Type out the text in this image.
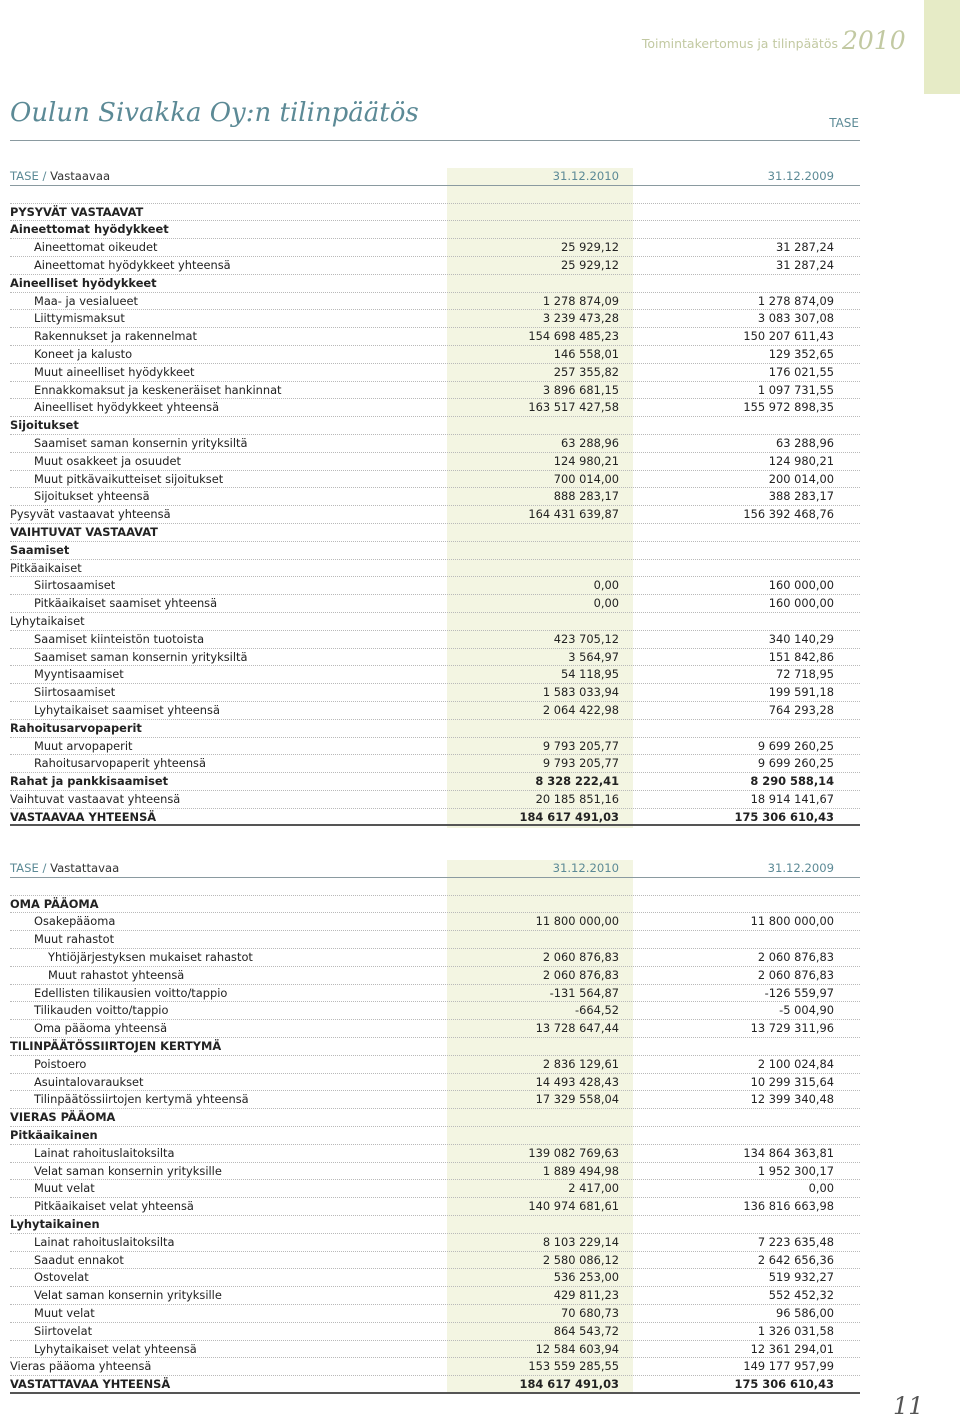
Toimintakertomus ja tilinpäätös 2010
Oulun Sivakka Oy:n tilinpäätös	TASE
TASE / Vastaavaa	31.12.2010	31.12.2009
PYSYVÄT VASTAAVAT
Aineettomat hyödykkeet
Aineettomat oikeudet	25 929,12	31 287,24
Aineettomat hyödykkeet yhteensä	25 929,12	31 287,24
Aineelliset hyödykkeet
Maa- ja vesialueet	1 278 874,09	1 278 874,09
Liittymismaksut	3 239 473,28	3 083 307,08
Rakennukset ja rakennelmat	154 698 485,23	150 207 611,43
Koneet ja kalusto	146 558,01	129 352,65
Muut aineelliset hyödykkeet	257 355,82	176 021,55
Ennakkomaksut ja keskeneräiset hankinnat	3 896 681,15	1 097 731,55
Aineelliset hyödykkeet yhteensä	163 517 427,58	155 972 898,35
Sijoitukset
Saamiset saman konsernin yrityksiltä	63 288,96	63 288,96
Muut osakkeet ja osuudet	124 980,21	124 980,21
Muut pitkävaikutteiset sijoitukset	700 014,00	200 014,00
Sijoitukset yhteensä	888 283,17	388 283,17
Pysyvät vastaavat yhteensä	164 431 639,87	156 392 468,76
VAIHTUVAT VASTAAVAT
Saamiset
Pitkäaikaiset
Siirtosaamiset	0,00	160 000,00
Pitkäaikaiset saamiset yhteensä	0,00	160 000,00
Lyhytaikaiset
Saamiset kiinteistön tuotoista	423 705,12	340 140,29
Saamiset saman konsernin yrityksiltä	3 564,97	151 842,86
Myyntisaamiset	54 118,95	72 718,95
Siirtosaamiset	1 583 033,94	199 591,18
Lyhytaikaiset saamiset yhteensä	2 064 422,98	764 293,28
Rahoitusarvopaperit
Muut arvopaperit	9 793 205,77	9 699 260,25
Rahoitusarvopaperit yhteensä	9 793 205,77	9 699 260,25
Rahat ja pankkisaamiset	8 328 222,41	8 290 588,14
Vaihtuvat vastaavat yhteensä	20 185 851,16	18 914 141,67
VASTAAVAA YHTEENSÄ	184 617 491,03	175 306 610,43
TASE / Vastattavaa	31.12.2010	31.12.2009
OMA PÄÄOMA
Osakepääoma	11 800 000,00	11 800 000,00
Muut rahastot
Yhtiöjärjestyksen mukaiset rahastot	2 060 876,83	2 060 876,83
Muut rahastot yhteensä	2 060 876,83	2 060 876,83
Edellisten tilikausien voitto/tappio	-131 564,87	-126 559,97
Tilikauden voitto/tappio	-664,52	-5 004,90
Oma pääoma yhteensä	13 728 647,44	13 729 311,96
TILINPÄÄTÖSSIIRTOJEN KERTYMÄ
Poistoero	2 836 129,61	2 100 024,84
Asuintalovaraukset	14 493 428,43	10 299 315,64
Tilinpäätössiirtojen kertymä yhteensä	17 329 558,04	12 399 340,48
VIERAS PÄÄOMA
Pitkäaikainen
Lainat rahoituslaitoksilta	139 082 769,63	134 864 363,81
Velat saman konsernin yrityksille	1 889 494,98	1 952 300,17
Muut velat	2 417,00	0,00
Pitkäaikaiset velat yhteensä	140 974 681,61	136 816 663,98
Lyhytaikainen
Lainat rahoituslaitoksilta	8 103 229,14	7 223 635,48
Saadut ennakot	2 580 086,12	2 642 656,36
Ostovelat	536 253,00	519 932,27
Velat saman konsernin yrityksille	429 811,23	552 452,32
Muut velat	70 680,73	96 586,00
Siirtovelat	864 543,72	1 326 031,58
Lyhytaikaiset velat yhteensä	12 584 603,94	12 361 294,01
Vieras pääoma yhteensä	153 559 285,55	149 177 957,99
VASTATTAVAA YHTEENSÄ	184 617 491,03	175 306 610,43
11
